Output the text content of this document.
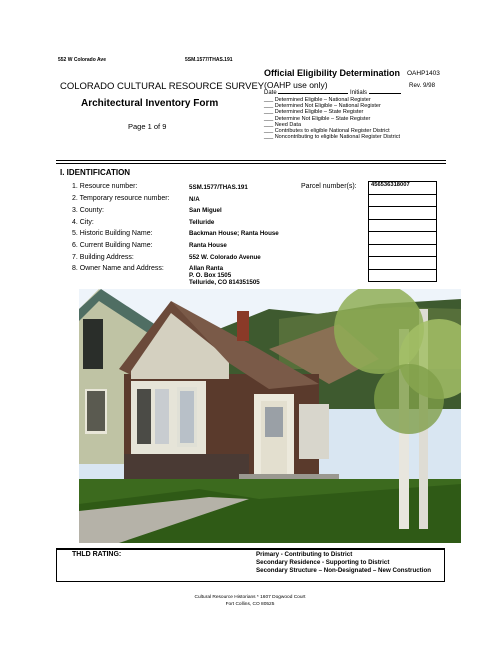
552 W Colorado Ave	5SM.1577/THAS.191
COLORADO CULTURAL RESOURCE SURVEY
Architectural Inventory Form
Page 1 of 9
Official Eligibility Determination OAHP1403
(OAHP use only)	Rev. 9/98
Date	Initials
___ Determined Eligible – National Register
___ Determined Not Eligible – National Register
___ Determined Eligible – State Register
___ Determine Not Eligible – State Register
___ Need Data
___ Contributes to eligible National Register District
___ Noncontributing to eligible National Register District
I. IDENTIFICATION
1. Resource number:	5SM.1577/THAS.191
2. Temporary resource number:	N/A
3. County:	San Miguel
4. City:	Telluride
5. Historic Building Name:	Backman House; Ranta House
6. Current Building Name:	Ranta House
7. Building Address:	552 W. Colorado Avenue
8. Owner Name and Address:	Allan Ranta
P. O. Box 1505
Telluride, CO 814351505
Parcel number(s): 456536318007

THLD RATING:	Primary - Contributing to District
Secondary Residence - Supporting to District
Secondary Structure – Non-Designated – New Construction
Cultural Resource Historians * 1607 Dogwood Court
Fort Collins, CO 80525
